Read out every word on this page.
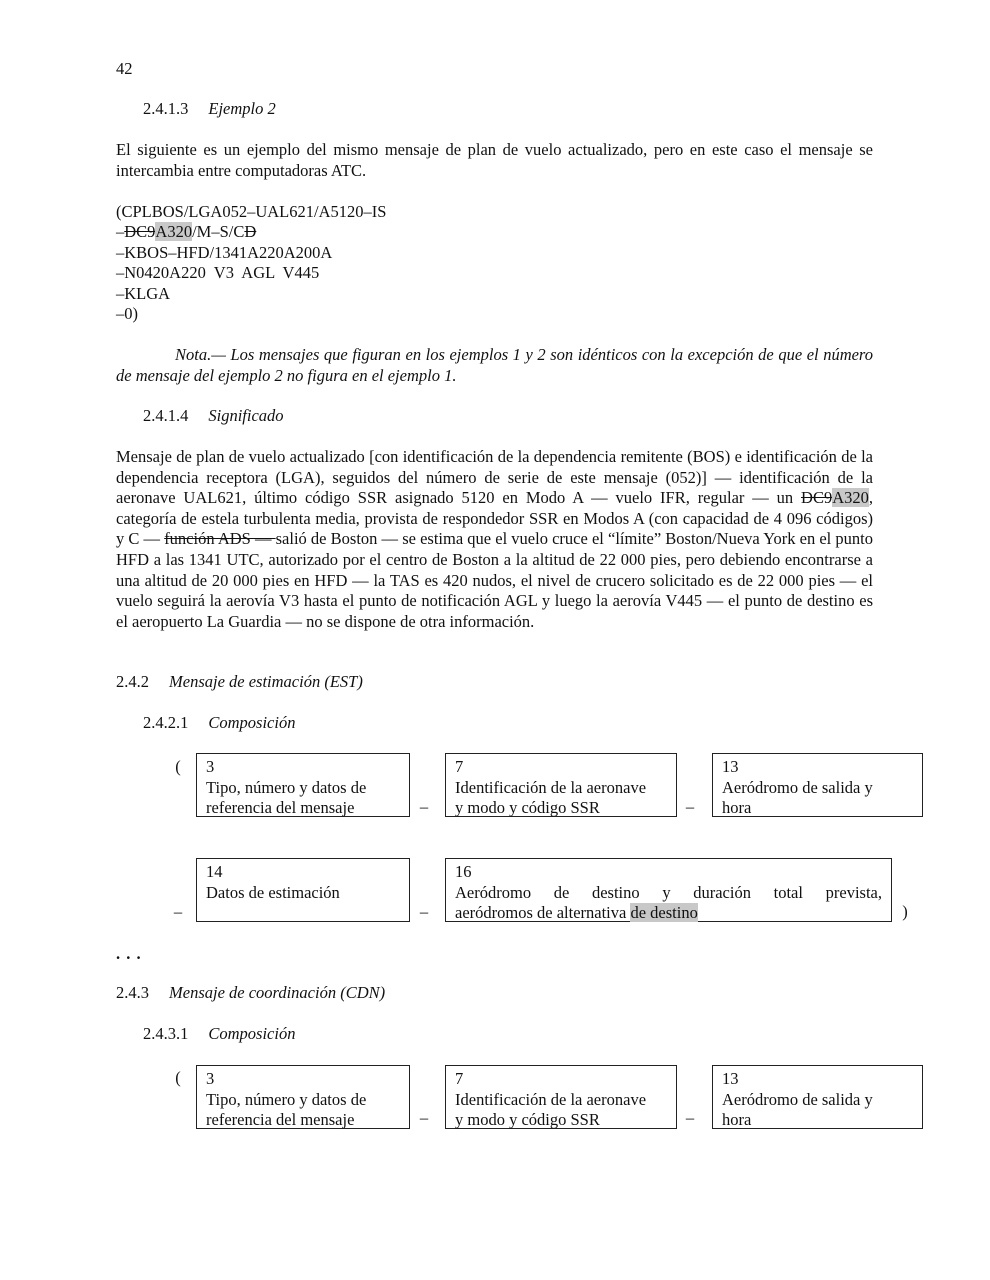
42
2.4.1.3 Ejemplo 2
El siguiente es un ejemplo del mismo mensaje de plan de vuelo actualizado, pero en este caso el mensaje se intercambia entre computadoras ATC.
(CPLBOS/LGA052–UAL621/A5120–IS
–DC9A320/M–S/CD
–KBOS–HFD/1341A220A200A
–N0420A220  V3  AGL  V445
–KLGA
–0)
Nota.— Los mensajes que figuran en los ejemplos 1 y 2 son idénticos con la excepción de que el número de mensaje del ejemplo 2 no figura en el ejemplo 1.
2.4.1.4 Significado
Mensaje de plan de vuelo actualizado [con identificación de la dependencia remitente (BOS) e identificación de la dependencia receptora (LGA), seguidos del número de serie de este mensaje (052)] — identificación de la aeronave UAL621, último código SSR asignado 5120 en Modo A — vuelo IFR, regular — un DC9A320, categoría de estela turbulenta media, provista de respondedor SSR en Modos A (con capacidad de 4 096 códigos) y C — función ADS — salió de Boston — se estima que el vuelo cruce el “límite” Boston/Nueva York en el punto HFD a las 1341 UTC, autorizado por el centro de Boston a la altitud de 22 000 pies, pero debiendo encontrarse a una altitud de 20 000 pies en HFD — la TAS es 420 nudos, el nivel de crucero solicitado es de 22 000 pies — el vuelo seguirá la aerovía V3 hasta el punto de notificación AGL y luego la aerovía V445 — el punto de destino es el aeropuerto La Guardia — no se dispone de otra información.
2.4.2 Mensaje de estimación (EST)
2.4.2.1 Composición
( 3
Tipo, número y datos de
referencia del mensaje	–
7
Identificación de la aeronave
y modo y código SSR	–
13
Aeródromo de salida y
hora
–
14
Datos de estimación
–
16
Aeródromo de destino y duración total prevista,
aeródromos de alternativa de destino	)
. . .
2.4.3 Mensaje de coordinación (CDN)
2.4.3.1 Composición
( 3
Tipo, número y datos de
referencia del mensaje	–
7
Identificación de la aeronave
y modo y código SSR	–
13
Aeródromo de salida y
hora
